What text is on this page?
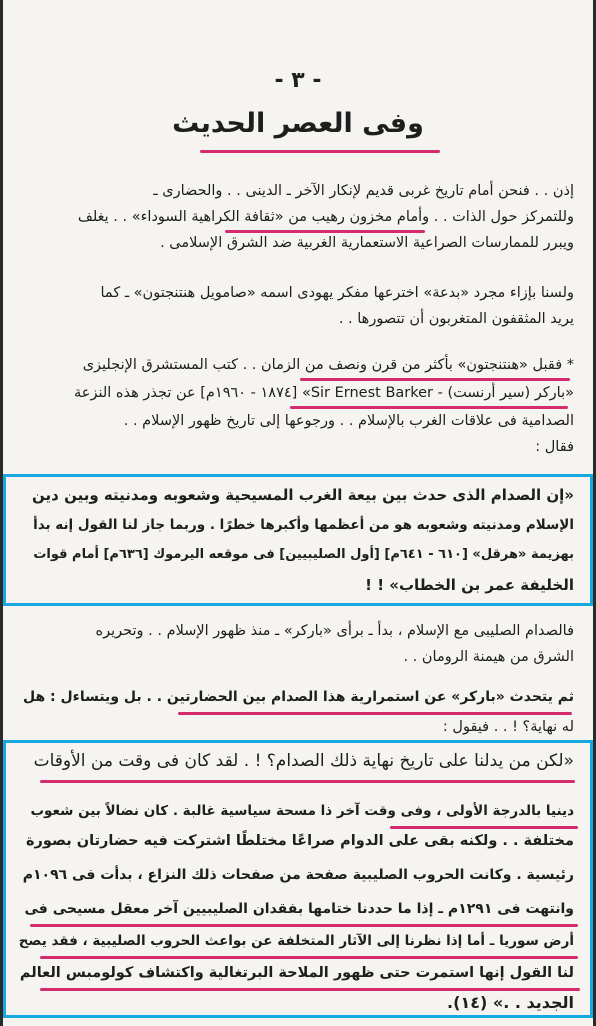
- ٣ -
وفى العصر الحديث
إذن . . فنحن أمام تاريخ غربى قديم لإنكار الآخر ـ الدينى . . والحضارى ـ
وللتمركز حول الذات . . وأمام مخزون رهيب من «ثقافة الكراهية السوداء» . . يغلف
ويبرر للممارسات الصراعية الاستعمارية الغربية ضد الشرق الإسلامى .
ولسنا بإزاء مجرد «بدعة» اخترعها مفكر يهودى اسمه «صامويل هنتنجتون» ـ كما
يريد المثقفون المتغربون أن تتصورها . .
* فقبل «هنتنجتون» بأكثر من قرن ونصف من الزمان . . كتب المستشرق الإنجليزى
«باركر (سير أرنست) - Sir Ernest Barker» [١٨٧٤ - ١٩٦٠م] عن تجذر هذه النزعة
الصدامية فى علاقات الغرب بالإسلام . . ورجوعها إلى تاريخ ظهور الإسلام . .
فقال :
«إن الصدام الذى حدث بين بيعة الغرب المسيحية وشعوبه ومدنيته وبين دين
الإسلام ومدنيته وشعوبه هو من أعظمها وأكبرها خطرًا . وربما جاز لنا القول إنه بدأ
بهزيمة «هرقل» [٦١٠ - ٦٤١م] [أول الصليبيين] فى موقعه اليرموك [٦٣٦م] أمام قوات
الخليفة عمر بن الخطاب» ! !
فالصدام الصليبى مع الإسلام ، بدأ ـ برأى «باركر» ـ منذ ظهور الإسلام . . وتحريره
الشرق من هيمنة الرومان . .
ثم يتحدث «باركر» عن استمرارية هذا الصدام بين الحضارتين . . بل ويتساءل : هل
له نهاية؟ ! . . فيقول :
«لكن من يدلنا على تاريخ نهاية ذلك الصدام؟ ! . لقد كان فى وقت من الأوقات
دينيا بالدرجة الأولى ، وفى وقت آخر ذا مسحة سياسية غالبة . كان نضالاً بين شعوب
مختلفة . . ولكنه بقى على الدوام صراعًا مختلطًا اشتركت فيه حضارتان بصورة
رئيسية . وكانت الحروب الصليبية صفحة من صفحات ذلك النزاع ، بدأت فى ١٠٩٦م
وانتهت فى ١٢٩١م ـ إذا ما حددنا ختامها بفقدان الصليبيين آخر معقل مسيحى فى
أرض سوريا ـ أما إذا نظرنا إلى الآثار المتخلفة عن بواعث الحروب الصليبية ، فقد يصح
لنا القول إنها استمرت حتى ظهور الملاحة البرتغالية واكتشاف كولومبس العالم
الجديد . .» (١٤).
